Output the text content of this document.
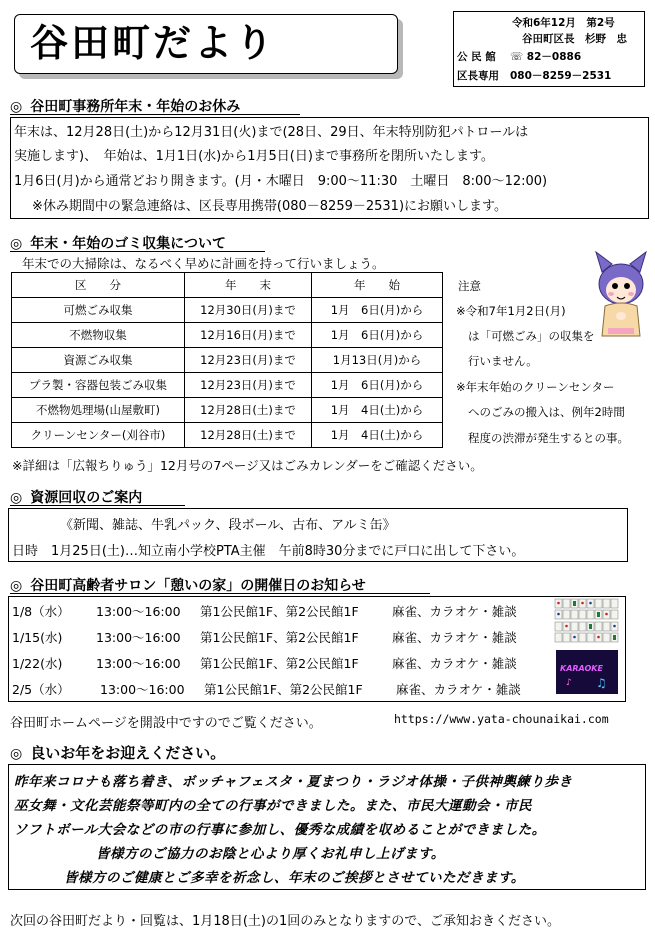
谷田町だより	令和6年12月　第2号
谷田町区長　杉野　忠
公 民 館 ☏ 82－0886
区長専用 080－8259－2531
◎ 谷田町事務所年末・年始のお休み
年末は、12月28日(土)から12月31日(火)まで(28日、29日、年末特別防犯パトロールは
実施します)、　年始は、1月1日(水)から1月5日(日)まで事務所を閉所いたします。
1月6日(月)から通常どおり開きます。(月・木曜日　9:00～11:30　土曜日　8:00～12:00)
※休み期間中の緊急連絡は、区長専用携帯(080－8259－2531)にお願いします。
◎ 年末・年始のゴミ収集について
年末での大掃除は、なるべく早めに計画を持って行いましょう。
区　　分	年　　末	年　　始
可燃ごみ収集	12月30日(月)まで	1月　6日(月)から
不燃物収集	12月16日(月)まで	1月　6日(月)から
資源ごみ収集	12月23日(月)まで	1月13日(月)から
プラ製・容器包装ごみ収集	12月23日(月)まで	1月　6日(月)から
不燃物処理場(山屋敷町)	12月28日(土)まで	1月　4日(土)から
クリーンセンター(刈谷市)	12月28日(土)まで	1月　4日(土)から
注意
※令和7年1月2日(月)
は「可燃ごみ」の収集を
行いません。
※年末年始のクリーンセンター
へのごみの搬入は、例年2時間
程度の渋滞が発生するとの事。
※詳細は「広報ちりゅう」12月号の7ページ又はごみカレンダーをご確認ください。
◎ 資源回収のご案内
《新聞、雑誌、牛乳パック、段ボール、古布、アルミ缶》
日時　1月25日(土)…知立南小学校PTA主催　午前8時30分までに戸口に出して下さい。
◎ 谷田町高齢者サロン「憩いの家」の開催日のお知らせ
1/8（水） 13:00～16:00 第1公民館1F、第2公民館1F	麻雀、カラオケ・雑談
1/15(水)	13:00～16:00 第1公民館1F、第2公民館1F	麻雀、カラオケ・雑談
1/22(水)	13:00～16:00 第1公民館1F、第2公民館1F	麻雀、カラオケ・雑談
2/5（水） 13:00～16:00 第1公民館1F、第2公民館1F	麻雀、カラオケ・雑談
KARAOKE
♫
♪
谷田町ホームページを開設中ですのでご覧ください。	https://www.yata-chounaikai.com
◎ 良いお年をお迎えください。
昨年来コロナも落ち着き、ボッチャフェスタ・夏まつり・ラジオ体操・子供神輿練り歩き
巫女舞・文化芸能祭等町内の全ての行事ができました。また、市民大運動会・市民
ソフトボール大会などの市の行事に参加し、優秀な成績を収めることができました。
皆様方のご協力のお陰と心より厚くお礼申し上げます。
皆様方のご健康とご多幸を祈念し、年末のご挨拶とさせていただきます。
次回の谷田町だより・回覧は、1月18日(土)の1回のみとなりますので、ご承知おきください。
